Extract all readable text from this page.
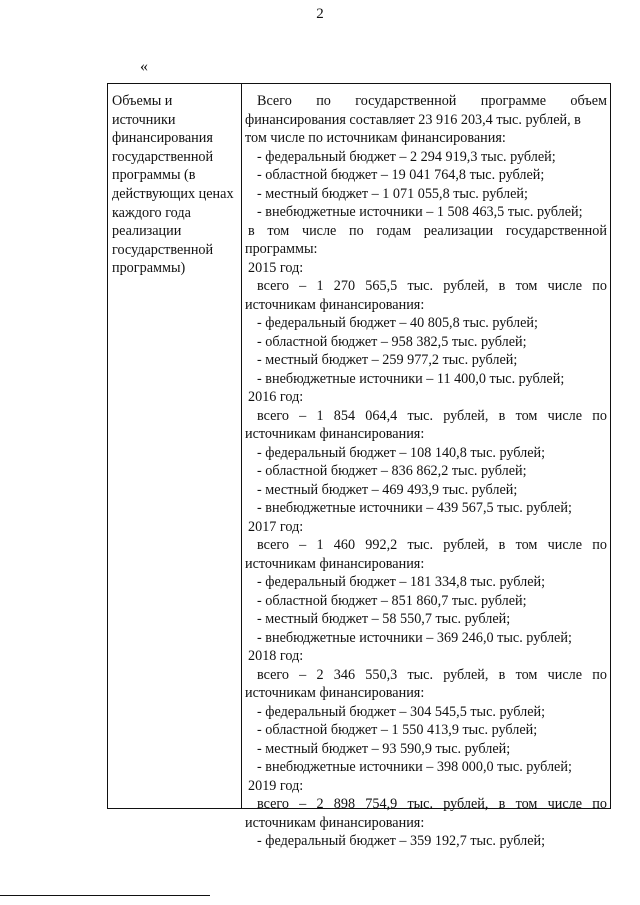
2
«
Объемы и
источники
финансирования
государственной
программы (в
действующих ценах
каждого года
реализации
государственной
программы)
Всего по государственной программе объем
финансирования составляет 23 916 203,4 тыс. рублей, в
том числе по источникам финансирования:
- федеральный бюджет – 2 294 919,3 тыс. рублей;
- областной бюджет – 19 041 764,8 тыс. рублей;
- местный бюджет – 1 071 055,8 тыс. рублей;
- внебюджетные источники – 1 508 463,5 тыс. рублей;
в том числе по годам реализации государственной
программы:
2015 год:
всего – 1 270 565,5 тыс. рублей, в том числе по
источникам финансирования:
- федеральный бюджет – 40 805,8 тыс. рублей;
- областной бюджет – 958 382,5 тыс. рублей;
- местный бюджет – 259 977,2 тыс. рублей;
- внебюджетные источники – 11 400,0 тыс. рублей;
2016 год:
всего – 1 854 064,4 тыс. рублей, в том числе по
источникам финансирования:
- федеральный бюджет – 108 140,8 тыс. рублей;
- областной бюджет – 836 862,2 тыс. рублей;
- местный бюджет – 469 493,9 тыс. рублей;
- внебюджетные источники – 439 567,5 тыс. рублей;
2017 год:
всего – 1 460 992,2 тыс. рублей, в том числе по
источникам финансирования:
- федеральный бюджет – 181 334,8 тыс. рублей;
- областной бюджет – 851 860,7 тыс. рублей;
- местный бюджет – 58 550,7 тыс. рублей;
- внебюджетные источники – 369 246,0 тыс. рублей;
2018 год:
всего – 2 346 550,3 тыс. рублей, в том числе по
источникам финансирования:
- федеральный бюджет – 304 545,5 тыс. рублей;
- областной бюджет – 1 550 413,9 тыс. рублей;
- местный бюджет – 93 590,9 тыс. рублей;
- внебюджетные источники – 398 000,0 тыс. рублей;
2019 год:
всего – 2 898 754,9 тыс. рублей, в том числе по
источникам финансирования:
- федеральный бюджет – 359 192,7 тыс. рублей;
